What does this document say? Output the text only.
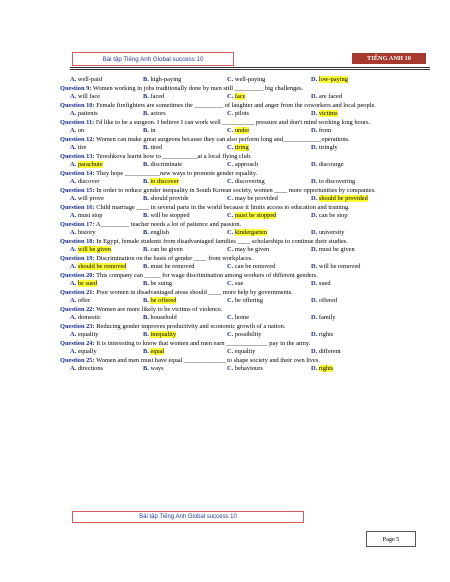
Bài tập Tiếng Anh Global success 10	TIẾNG ANH 10
A. well-paid	B. high-paying	C. well-paying	D. low-paying
Question 9: Women working in jobs traditionally done by men still _________ big challenges.
A. will face	B. faced	C. face	D. are faced
Question 10: Female firefighters are sometimes the _________ of laughter and anger from the coworkers and local people.
A. patients	B. actors	C. pilots	D. victims
Question 11: I'd like to be a surgeon. I believe I can work well __________ pressure and don't mind working long hours.
A. on	B. in	C. under	D. from
Question 12: Women can make great surgeons because they can also perform long and____________operations.
A. tire	B. tired	C. tiring	D. tiringly
Question 13: Tereshkova learnt how to ___________at a local flying club.
A. parachute	B. discriminate	C. approach	D. discourge
Question 14: They hope ___________new ways to promote gender equality.
A. discover	B. to discover	C. discovering	D. to discovering
Question 15: In order to reduce gender inequality in South Korean society, women ____ more opportunities by companies.
A. will prove	B. should provide	C. may be provided	D. should be provided
Question 16: Child marriage ____ in several parts in the world because it limits access to education and training.
A. must stop	B. will be stopped	C. must be stopped	D. can be stop
Question 17: A_________ teacher needs a lot of patience and passion.
A. history	B. english	C. kindergarten	D. university
Question 18: In Egypt, female students from disadvantaged families ____ scholarships to continue their studies.
A. will be given	B. can be given	C. may be given	D. must be given
Question 19: Discrimination on the basis of gender ____ from workplaces.
A. should be removed	B. must be removed	C. can be removed	D. will be removed
Question 20: This company can _____ for wage discrimination among workers of different genders.
A. be sued	B. be suing	C. sue	D. sued
Question 21: Poor women in disadvantaged areas should ____ more help by governments.
A. offer	B. be offered	C. be offering	D. offered
Question 22: Women are more likely to be victims of violence.
A. domestic	B. household	C. home	D. family
Question 23: Reducing gender improves productivity and economic growth of a nation.
A. equality	B. inequality	C. possibility	D. rights
Question 24: It is interesting to know that women and men earn _____________ pay in the army.
A. equally	B. equal	C. equality	D. different
Question 25: Women and men must have equal _____________ to shape society and their own lives.
A. directions	B. ways	C. behaviours	D. rights
Bài tập Tiếng Anh Global success 10
Page 5
